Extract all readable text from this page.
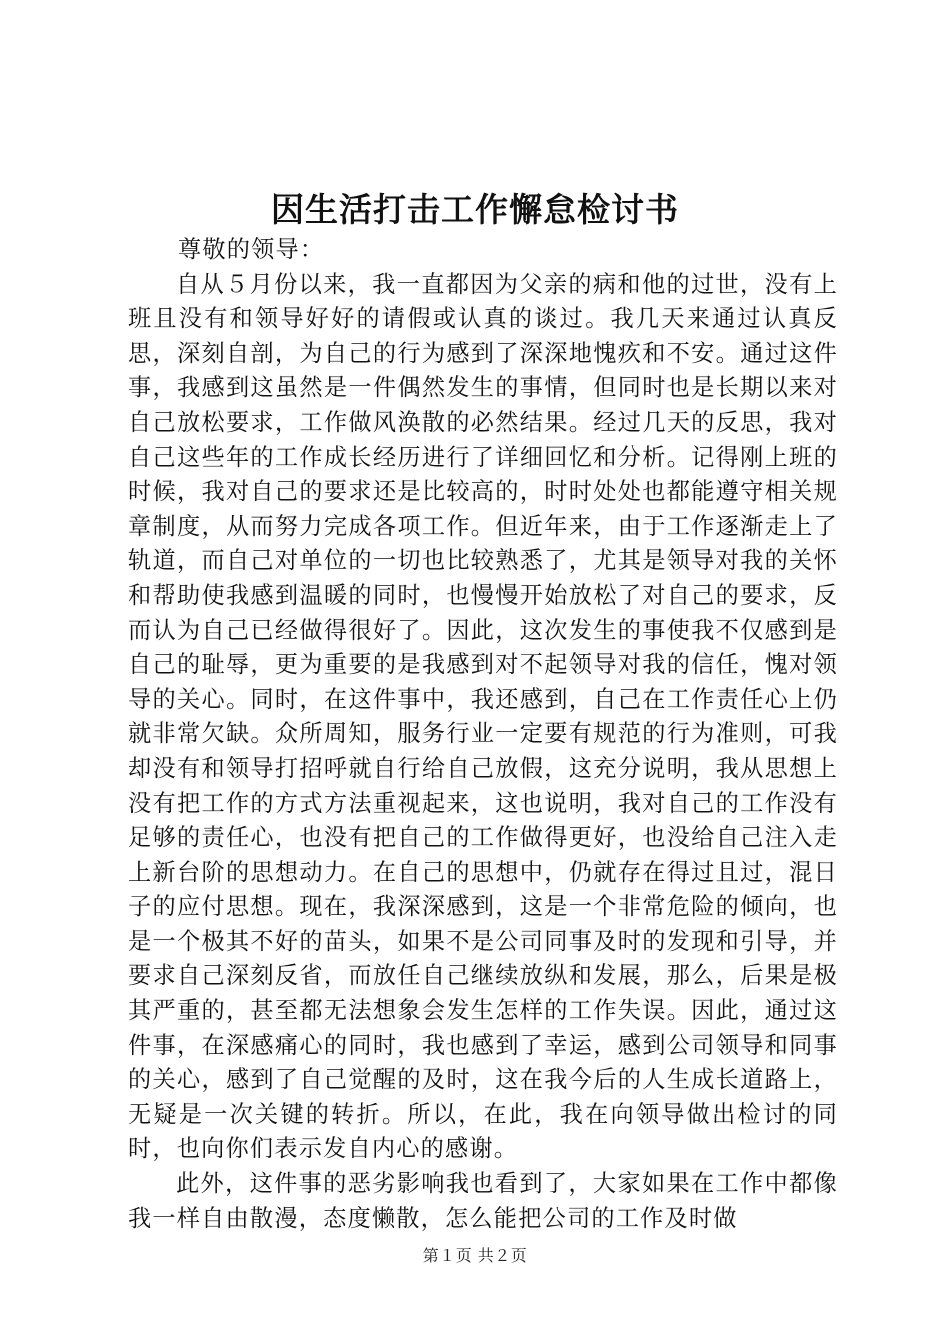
因生活打击工作懈怠检讨书

尊敬的领导：

自从５月份以来，我一直都因为父亲的病和他的过世，没有上班且没有和领导好好的请假或认真的谈过。我几天来通过认真反思，深刻自剖，为自己的行为感到了深深地愧疚和不安。通过这件事，我感到这虽然是一件偶然发生的事情，但同时也是长期以来对自己放松要求，工作做风涣散的必然结果。经过几天的反思，我对自己这些年的工作成长经历进行了详细回忆和分析。记得刚上班的时候，我对自己的要求还是比较高的，时时处处也都能遵守相关规章制度，从而努力完成各项工作。但近年来，由于工作逐渐走上了轨道，而自己对单位的一切也比较熟悉了，尤其是领导对我的关怀和帮助使我感到温暖的同时，也慢慢开始放松了对自己的要求，反而认为自己已经做得很好了。因此，这次发生的事使我不仅感到是自己的耻辱，更为重要的是我感到对不起领导对我的信任，愧对领导的关心。同时，在这件事中，我还感到，自己在工作责任心上仍就非常欠缺。众所周知，服务行业一定要有规范的行为准则，可我却没有和领导打招呼就自行给自己放假，这充分说明，我从思想上没有把工作的方式方法重视起来，这也说明，我对自己的工作没有足够的责任心，也没有把自己的工作做得更好，也没给自己注入走上新台阶的思想动力。在自己的思想中，仍就存在得过且过，混日子的应付思想。现在，我深深感到，这是一个非常危险的倾向，也是一个极其不好的苗头，如果不是公司同事及时的发现和引导，并要求自己深刻反省，而放任自己继续放纵和发展，那么，后果是极其严重的，甚至都无法想象会发生怎样的工作失误。因此，通过这件事，在深感痛心的同时，我也感到了幸运，感到公司领导和同事的关心，感到了自己觉醒的及时，这在我今后的人生成长道路上，无疑是一次关键的转折。所以，在此，我在向领导做出检讨的同时，也向你们表示发自内心的感谢。

此外，这件事的恶劣影响我也看到了，大家如果在工作中都像我一样自由散漫，态度懒散，怎么能把公司的工作及时做

第１页 共２页
